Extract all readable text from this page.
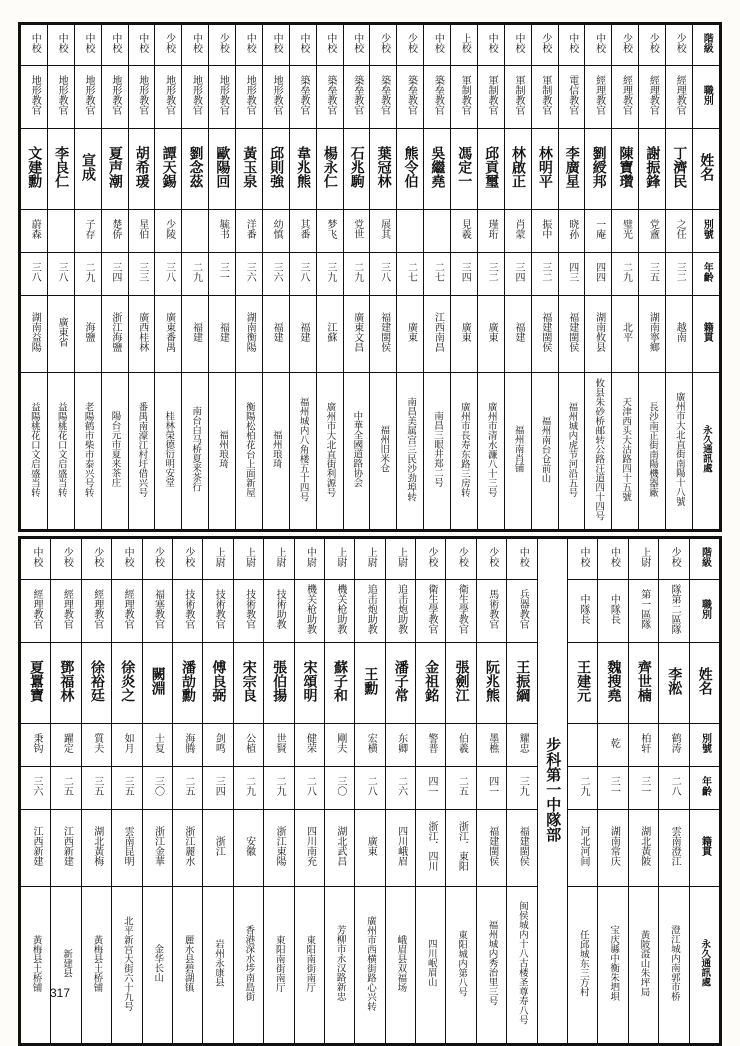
中校	中校	中校	中校	中校	少校	中校	少校	中校	中校	中校	中校	中校	少校	少校	中校	上校	中校	中校	少校	中校	中校	少校	少校	少校	階級
地形教官	地形教官	地形教官	地形教官	地形教官	地形教官	地形教官	地形教官	地形教官	地形教官	築垒教官	築垒教官	築垒教官	築垒教官	築垒教官	築垒教官	軍制教官	軍制教官	軍制教官	軍制教官	電信教官	經理教官	經理教官	經理教官	經理教官	職別
文建勳	李良仁	宣成	夏声潮	胡希瑗	譚天錫	劉念茲	歐陽回	黃玉泉	邱則強	韋兆熊	楊永仁	石兆駒	葉冠林	熊令伯	吳繼堯	馮定一	邱貢璽	林啟正	林明平	李廣星	劉綬邦	陳寶瓚	謝振鋒	丁濟民	姓名
蔚森		子存	楚侨	星伯	少陵		毓书	洋番	幼慎	其番	梦飞	党世	展其			見羲	瑾珩	肖蒙	振中	晓孙	一庵	璧光	党盦	之任	別號
三八	三八	二九	三四	三三	三八	二九	三一	三六	三六	三八	三九	二九	三八	二七	二七	三四	三二	三四	三二	四三	四四	二九	三五	三二	年齡
湖南益陽	廣東省	海鹽	浙江海鹽	廣西桂林	廣東番禺	福建	福建	湖南衡陽	福建	福建	江蘇	廣東文昌	福建閩侯	廣東	江西南昌	廣東	廣東	福建	福建閩侯	福建閩侯	湖南攸县	北平	湖南寧鄉	越南	籍貫
益陽桃花口文启盛当转	益陽桃花口文启盛当转	老陽鹤市柴市泰兴号转	陽台元市夏来茶庄	番禺南濠江村圩借兴号	桂林榮德衍明安堂	南台白马桥夏来茶行	福州琅琦	衡陽松柏花台上面新屋	福州琅琦	福州城内八角楼五十四号	廣州市大北直街利源号	中華全國道路协会	福州旧米仓	南昌美属宫三民沙劲埠转	南昌三眼井郑二号	廣州市長寿东路三房转	廣州市清水濂八十三号	福州南肖铺	福州南台仓前山	福州城内虎节河沿五号	攸县朱砂桥邮转公路汪道四十四号	天津西头大沽路四十五號	長沙南正街南陽機器廠	廣州市大北直街南陽十八號	永久通訊處
中校	少校	少校	中校	少校	少校	上尉	上尉	上尉	中尉	上尉	上尉	上尉	少校	少校	少校	中校	步科第一中隊部	中校	中校	上尉	少校	階級
經理教官	經理教官	經理教官	經理教官	福塞教官	技術教官	技術教官	技術教官	技術助教	機关枪助教	機关枪助教	追击炮助教	追击炮助教	衛生學教官	衛生學教官	馬術教官	兵器教官		中隊長	中隊長	第一區隊	隊第二區隊	職別
夏囂寶	鄧福林	徐裕廷	徐炎之	闕淵	潘劼勳	傅良弼	宋宗良	張伯揚	宋頌明	蘇子和	王勳	潘子常	金祖銘	張劍江	阮兆熊	王振綱		王建元	魏搜堯	齊世楠	李淞	姓名
秉钩	躍定	質夫	如月	士复	海腾	剑鸣	公植	世賢	健荣	剛夫	宏横	东卿	警普	伯羲	墨樵	耀忠			乾	柏轩	鹤涛	別號
三六	二五	三五	三五	三〇	二五	三四	二九	二九	二八	三〇	二八	二六	四一	二五	四一	三九		二九	三一	三一	二八	年齡
江西新建	江西新建	湖北黃梅	雲南昆明	浙江金華	浙江麗水	浙江	安徽	浙江東陽	四川南充	湖北武昌	廣東	四川峨眉	浙江．四川	浙江．東阳	福建閩侯	福建閩侯		河北河间	湖南常庆	湖北黃陂	雲南澄江	籍貫
黃梅县土桥铺	新建县	黃梅县土桥铺	北平新宫大街六十九号	金华长山	麗水县碧湖镇	岩州永康县	香港深水埗南島街	東阳南街南厅	東阳南街南厅	芳柳市永汉路新忠	廣州市西横街路心兴转	峨眉县双福场	四川岷眉山	東阳城内第八号	福州城内秀治里三号	闽侯城内十八古楼圣尊寿八号		任邱城东三方村	宝庆縣中衡朱垇垻	黃陂滠山朱坪局	澄江城内南郭市桥	永久通訊處
317
